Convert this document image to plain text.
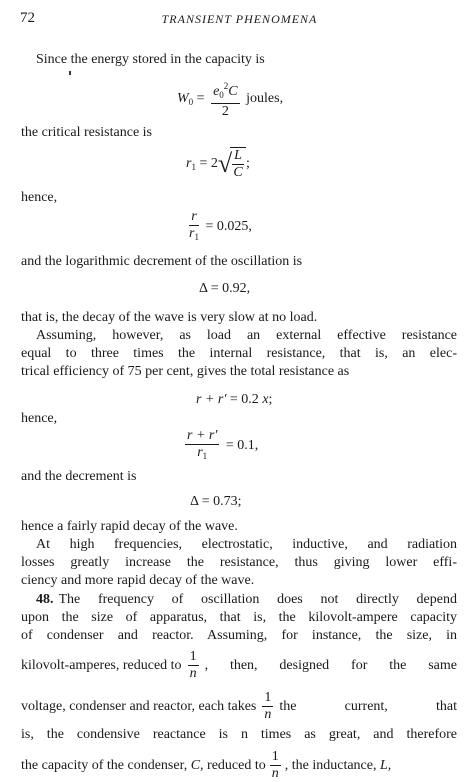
72	TRANSIENT PHENOMENA
Since the energy stored in the capacity is
$W_0 = \frac{e_0^2C}{2}$ joules,
the critical resistance is
$r_1 = 2√ \frac{L}{C}$ ;
hence,
$\frac{r}{r_1} = 0.025$,
and the logarithmic decrement of the oscillation is
Δ = 0.92,
that is, the decay of the wave is very slow at no load.
Assuming, however, as load an external effective resistance
equal to three times the internal resistance, that is, an elec-
trical efficiency of 75 per cent, gives the total resistance as
r + r′ = 0.2 x;
hence,
$\frac{r + r'}{r_1} = 0.1$,
and the decrement is
Δ = 0.73;
hence a fairly rapid decay of the wave.
At high frequencies, electrostatic, inductive, and radiation
losses greatly increase the resistance, thus giving lower effi-
ciency and more rapid decay of the wave.
48. The frequency of oscillation does not directly depend
upon the size of apparatus, that is, the kilovolt-ampere capacity
of condenser and reactor. Assuming, for instance, the size, in
kilovolt-amperes, reduced to $\frac{1}{n}$ , then, designed for the same
voltage, condenser and reactor, each takes $\frac{1}{n}$ the current, that
is, the condensive reactance is n times as great, and therefore
the capacity of the condenser,
C,
reduced to $\frac{1}{n}$ , the inductance,
L,
